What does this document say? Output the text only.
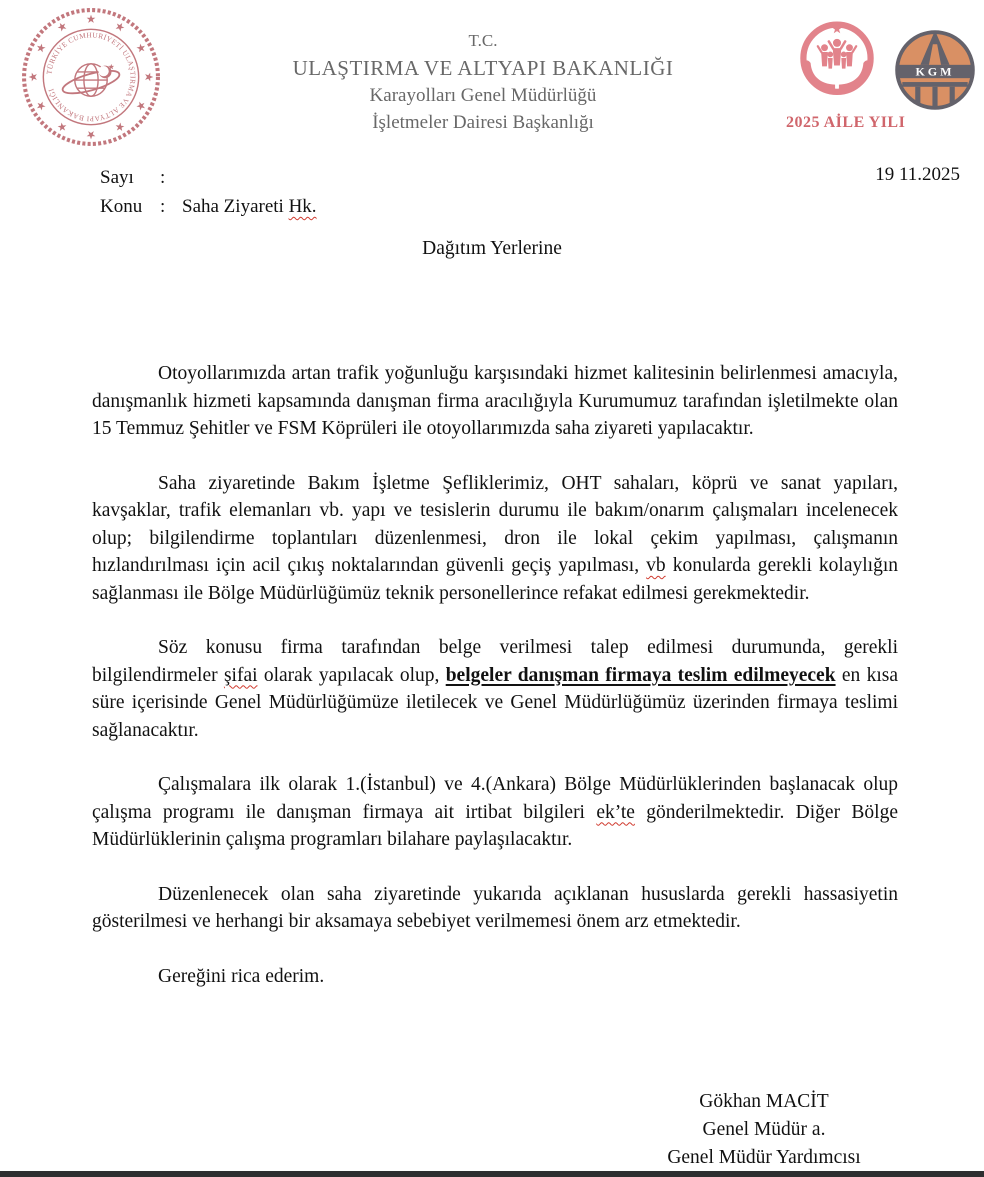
TÜRKİYE CUMHURİYETİ ULAŞTIRMA VE ALTYAPI BAKANLIĞI
T.C.
ULAŞTIRMA VE ALTYAPI BAKANLIĞI
Karayolları Genel Müdürlüğü
İşletmeler Dairesi Başkanlığı	2025 AİLE YILI
KGM
Sayı :
Konu : Saha Ziyareti Hk.
19 11.2025
Dağıtım Yerlerine

Otoyollarımızda artan trafik yoğunluğu karşısındaki hizmet kalitesinin belirlenmesi amacıyla, danışmanlık hizmeti kapsamında danışman firma aracılığıyla Kurumumuz tarafından işletilmekte olan 15 Temmuz Şehitler ve FSM Köprüleri ile otoyollarımızda saha ziyareti yapılacaktır.

Saha ziyaretinde Bakım İşletme Şefliklerimiz, OHT sahaları, köprü ve sanat yapıları, kavşaklar, trafik elemanları vb. yapı ve tesislerin durumu ile bakım/onarım çalışmaları incelenecek olup; bilgilendirme toplantıları düzenlenmesi, dron ile lokal çekim yapılması, çalışmanın hızlandırılması için acil çıkış noktalarından güvenli geçiş yapılması, vb konularda gerekli kolaylığın sağlanması ile Bölge Müdürlüğümüz teknik personellerince refakat edilmesi gerekmektedir.

Söz konusu firma tarafından belge verilmesi talep edilmesi durumunda, gerekli bilgilendirmeler şifai olarak yapılacak olup, belgeler danışman firmaya teslim edilmeyecek en kısa süre içerisinde Genel Müdürlüğümüze iletilecek ve Genel Müdürlüğümüz üzerinden firmaya teslimi sağlanacaktır.

Çalışmalara ilk olarak 1.(İstanbul) ve 4.(Ankara) Bölge Müdürlüklerinden başlanacak olup çalışma programı ile danışman firmaya ait irtibat bilgileri ek’te gönderilmektedir. Diğer Bölge Müdürlüklerinin çalışma programları bilahare paylaşılacaktır.

Düzenlenecek olan saha ziyaretinde yukarıda açıklanan hususlarda gerekli hassasiyetin gösterilmesi ve herhangi bir aksamaya sebebiyet verilmemesi önem arz etmektedir.

Gereğini rica ederim.

Gökhan MACİT
Genel Müdür a.
Genel Müdür Yardımcısı
